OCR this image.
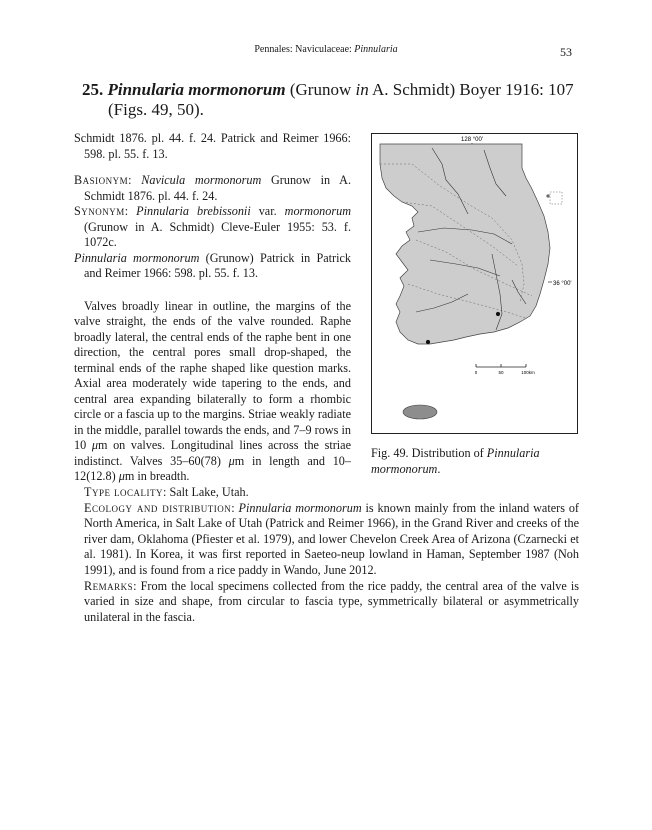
Pennales: Naviculaceae: Pinnularia	53
25. Pinnularia mormonorum (Grunow in A. Schmidt) Boyer 1916: 107
(Figs. 49, 50).

Schmidt 1876. pl. 44. f. 24. Patrick and Reimer 1966: 598. pl. 55. f. 13.

Basionym: Navicula mormonorum Grunow in A. Schmidt 1876. pl. 44. f. 24.

Synonym: Pinnularia brebissonii var. mormonorum (Grunow in A. Schmidt) Cleve-Euler 1955: 53. f. 1072c.

Pinnularia mormonorum (Grunow) Patrick in Patrick and Reimer 1966: 598. pl. 55. f. 13.

Valves broadly linear in outline, the margins of the valve straight, the ends of the valve rounded. Raphe broadly lateral, the central ends of the raphe bent in one direction, the central pores small drop-shaped, the terminal ends of the raphe shaped like question marks. Axial area moderately wide tapering to the ends, and central area expanding bilaterally to form a rhombic circle or a fascia up to the margins. Striae weakly radiate in the middle, parallel towards the ends, and 7–9 rows in 10 μm on valves. Longitudinal lines across the striae indistinct. Valves 35–60(78) μm in length and 10–12(12.8) μm in breadth.

128 °00'
36 °00'
0	50	100km
Fig. 49. Distribution of Pinnularia mormonorum.

Type locality: Salt Lake, Utah.

Ecology and distribution: Pinnularia mormonorum is known mainly from the inland waters of North America, in Salt Lake of Utah (Patrick and Reimer 1966), in the Grand River and creeks of the river dam, Oklahoma (Pfiester et al. 1979), and lower Chevelon Creek Area of Arizona (Czarnecki et al. 1981). In Korea, it was first reported in Saeteo-neup lowland in Haman, September 1987 (Noh 1991), and is found from a rice paddy in Wando, June 2012.

Remarks: From the local specimens collected from the rice paddy, the central area of the valve is varied in size and shape, from circular to fascia type, symmetrically bilateral or asymmetrically unilateral in the fascia.
